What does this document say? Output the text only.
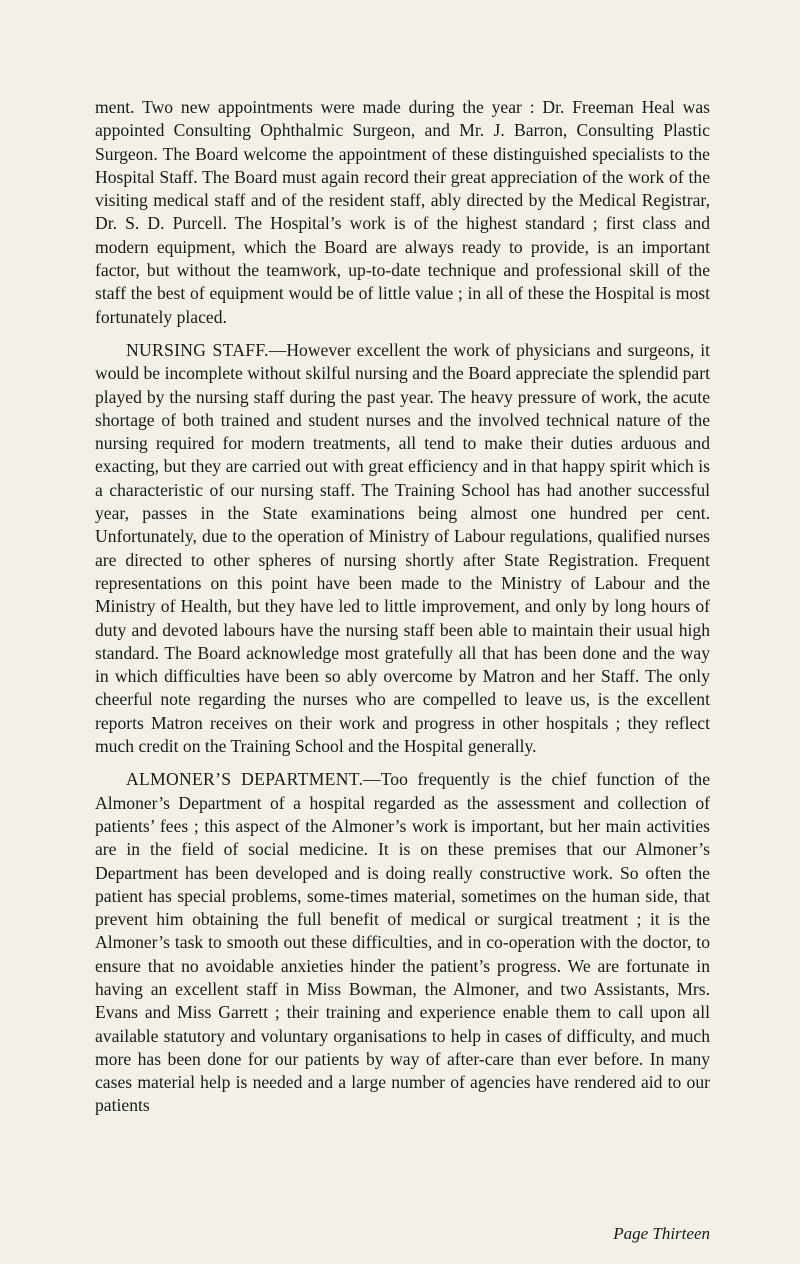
ment. Two new appointments were made during the year : Dr. Freeman Heal was appointed Consulting Ophthalmic Surgeon, and Mr. J. Barron, Consulting Plastic Surgeon. The Board welcome the appointment of these distinguished specialists to the Hospital Staff. The Board must again record their great appreciation of the work of the visiting medical staff and of the resident staff, ably directed by the Medical Registrar, Dr. S. D. Purcell. The Hospital’s work is of the highest standard ; first class and modern equipment, which the Board are always ready to provide, is an important factor, but without the teamwork, up-to-date technique and professional skill of the staff the best of equipment would be of little value ; in all of these the Hospital is most fortunately placed.

NURSING STAFF.—However excellent the work of physicians and surgeons, it would be incomplete without skilful nursing and the Board appreciate the splendid part played by the nursing staff during the past year. The heavy pressure of work, the acute shortage of both trained and student nurses and the involved technical nature of the nursing required for modern treatments, all tend to make their duties arduous and exacting, but they are carried out with great efficiency and in that happy spirit which is a characteristic of our nursing staff. The Training School has had another successful year, passes in the State examinations being almost one hundred per cent. Unfortunately, due to the operation of Ministry of Labour regulations, qualified nurses are directed to other spheres of nursing shortly after State Registration. Frequent representations on this point have been made to the Ministry of Labour and the Ministry of Health, but they have led to little improvement, and only by long hours of duty and devoted labours have the nursing staff been able to maintain their usual high standard. The Board acknowledge most gratefully all that has been done and the way in which difficulties have been so ably overcome by Matron and her Staff. The only cheerful note regarding the nurses who are compelled to leave us, is the excellent reports Matron receives on their work and progress in other hospitals ; they reflect much credit on the Training School and the Hospital generally.

ALMONER’S DEPARTMENT.—Too frequently is the chief function of the Almoner’s Department of a hospital regarded as the assessment and collection of patients’ fees ; this aspect of the Almoner’s work is important, but her main activities are in the field of social medicine. It is on these premises that our Almoner’s Department has been developed and is doing really constructive work. So often the patient has special problems, some-times material, sometimes on the human side, that prevent him obtaining the full benefit of medical or surgical treatment ; it is the Almoner’s task to smooth out these difficulties, and in co-operation with the doctor, to ensure that no avoidable anxieties hinder the patient’s progress. We are fortunate in having an excellent staff in Miss Bowman, the Almoner, and two Assistants, Mrs. Evans and Miss Garrett ; their training and experience enable them to call upon all available statutory and voluntary organisations to help in cases of difficulty, and much more has been done for our patients by way of after-care than ever before. In many cases material help is needed and a large number of agencies have rendered aid to our patients

Page Thirteen
